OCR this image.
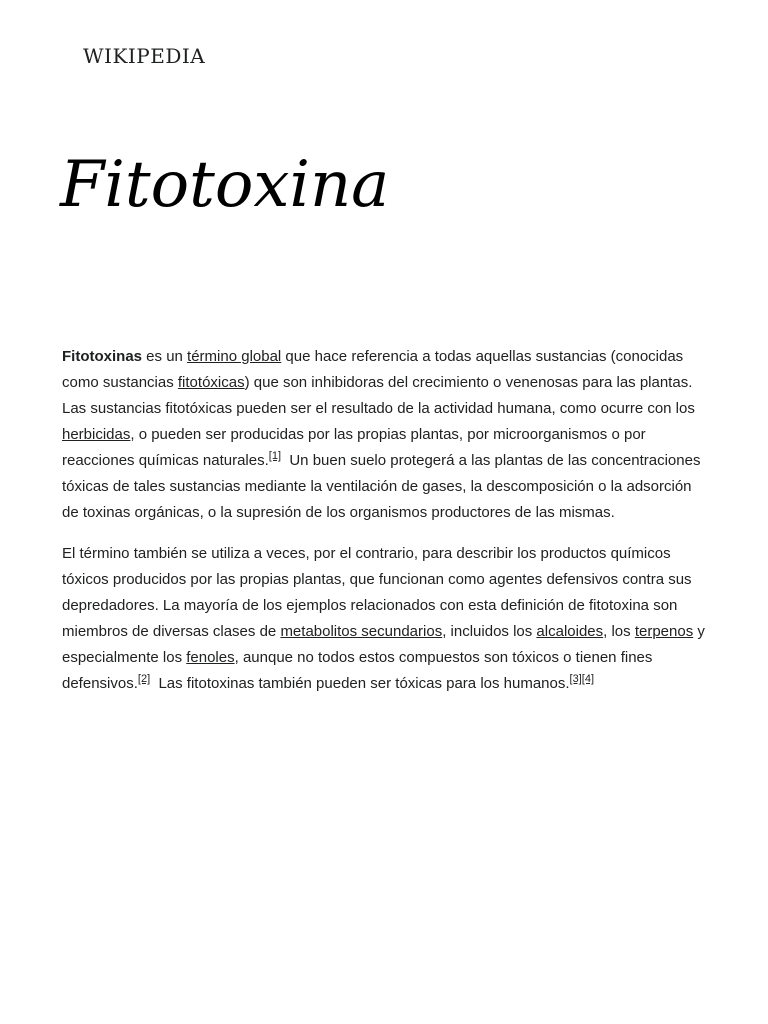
WIKIPEDIA
Fitotoxina

Fitotoxinas es un término global que hace referencia a todas aquellas sustancias (conocidas como sustancias fitotóxicas) que son inhibidoras del crecimiento o venenosas para las plantas. Las sustancias fitotóxicas pueden ser el resultado de la actividad humana, como ocurre con los herbicidas, o pueden ser producidas por las propias plantas, por microorganismos o por reacciones químicas naturales.[1]  Un buen suelo protegerá a las plantas de las concentraciones tóxicas de tales sustancias mediante la ventilación de gases, la descomposición o la adsorción de toxinas orgánicas, o la supresión de los organismos productores de las mismas.

El término también se utiliza a veces, por el contrario, para describir los productos químicos tóxicos producidos por las propias plantas, que funcionan como agentes defensivos contra sus depredadores. La mayoría de los ejemplos relacionados con esta definición de fitotoxina son miembros de diversas clases de metabolitos secundarios, incluidos los alcaloides, los terpenos y especialmente los fenoles, aunque no todos estos compuestos son tóxicos o tienen fines defensivos.[2]  Las fitotoxinas también pueden ser tóxicas para los humanos.[3][4]
